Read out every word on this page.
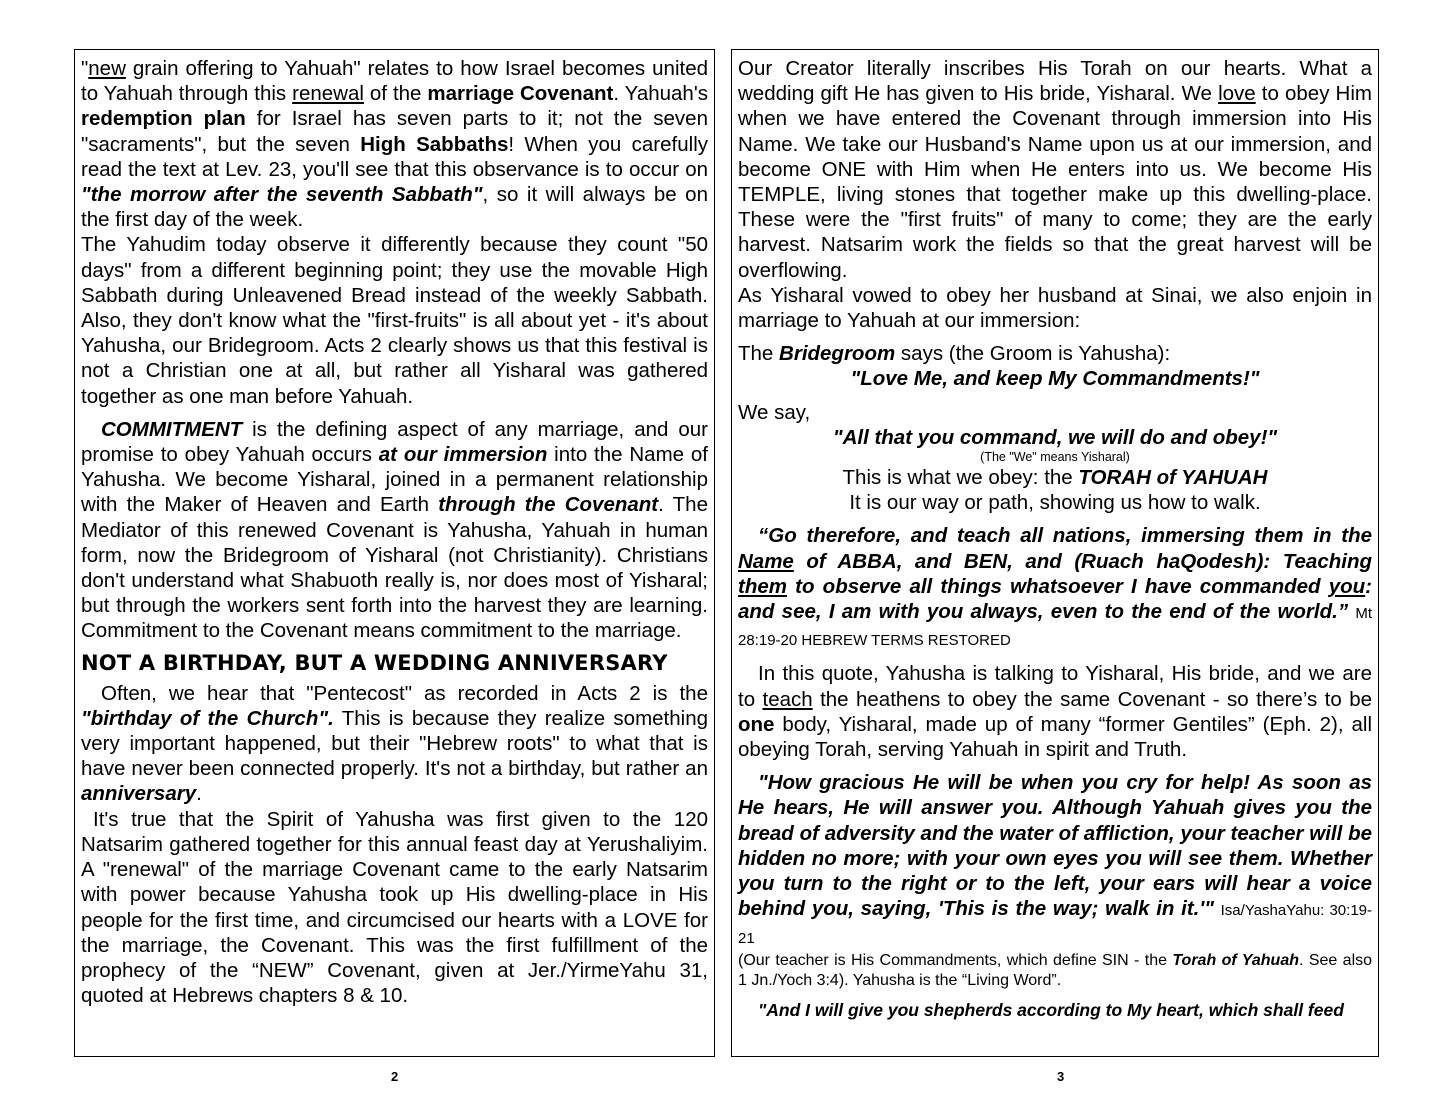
"new grain offering to Yahuah" relates to how Israel becomes united to Yahuah through this renewal of the marriage Covenant. Yahuah's redemption plan for Israel has seven parts to it; not the seven "sacraments", but the seven High Sabbaths! When you carefully read the text at Lev. 23, you'll see that this observance is to occur on "the morrow after the seventh Sabbath", so it will always be on the first day of the week.

The Yahudim today observe it differently because they count "50 days" from a different beginning point; they use the movable High Sabbath during Unleavened Bread instead of the weekly Sabbath. Also, they don't know what the "first-fruits" is all about yet - it's about Yahusha, our Bridegroom. Acts 2 clearly shows us that this festival is not a Christian one at all, but rather all Yisharal was gathered together as one man before Yahuah.

COMMITMENT is the defining aspect of any marriage, and our promise to obey Yahuah occurs at our immersion into the Name of Yahusha. We become Yisharal, joined in a permanent relationship with the Maker of Heaven and Earth through the Covenant. The Mediator of this renewed Covenant is Yahusha, Yahuah in human form, now the Bridegroom of Yisharal (not Christianity). Christians don't understand what Shabuoth really is, nor does most of Yisharal; but through the workers sent forth into the harvest they are learning. Commitment to the Covenant means commitment to the marriage.

NOT A BIRTHDAY, BUT A WEDDING ANNIVERSARY

Often, we hear that "Pentecost" as recorded in Acts 2 is the "birthday of the Church". This is because they realize something very important happened, but their "Hebrew roots" to what that is have never been connected properly. It's not a birthday, but rather an anniversary.

It's true that the Spirit of Yahusha was first given to the 120 Natsarim gathered together for this annual feast day at Yerushaliyim. A "renewal" of the marriage Covenant came to the early Natsarim with power because Yahusha took up His dwelling-place in His people for the first time, and circumcised our hearts with a LOVE for the marriage, the Covenant. This was the first fulfillment of the prophecy of the “NEW” Covenant, given at Jer./YirmeYahu 31, quoted at Hebrews chapters 8 & 10.

Our Creator literally inscribes His Torah on our hearts. What a wedding gift He has given to His bride, Yisharal. We love to obey Him when we have entered the Covenant through immersion into His Name. We take our Husband's Name upon us at our immersion, and become ONE with Him when He enters into us. We become His TEMPLE, living stones that together make up this dwelling-place. These were the "first fruits" of many to come; they are the early harvest. Natsarim work the fields so that the great harvest will be overflowing.

As Yisharal vowed to obey her husband at Sinai, we also enjoin in marriage to Yahuah at our immersion:

The Bridegroom says (the Groom is Yahusha):

"Love Me, and keep My Commandments!"

We say,

"All that you command, we will do and obey!"

(The "We" means Yisharal)

This is what we obey: the TORAH of YAHUAH

It is our way or path, showing us how to walk.

“Go therefore, and teach all nations, immersing them in the Name of ABBA, and BEN, and (Ruach haQodesh): Teaching them to observe all things whatsoever I have commanded you: and see, I am with you always, even to the end of the world.” Mt 28:19-20 HEBREW TERMS RESTORED

In this quote, Yahusha is talking to Yisharal, His bride, and we are to teach the heathens to obey the same Covenant - so there’s to be one body, Yisharal, made up of many “former Gentiles” (Eph. 2), all obeying Torah, serving Yahuah in spirit and Truth.

"How gracious He will be when you cry for help! As soon as He hears, He will answer you. Although Yahuah gives you the bread of adversity and the water of affliction, your teacher will be hidden no more; with your own eyes you will see them. Whether you turn to the right or to the left, your ears will hear a voice behind you, saying, 'This is the way; walk in it.'" Isa/YashaYahu: 30:19-21

(Our teacher is His Commandments, which define SIN - the Torah of Yahuah. See also 1 Jn./Yoch 3:4). Yahusha is the “Living Word”.

"And I will give you shepherds according to My heart, which shall feed

2	3
